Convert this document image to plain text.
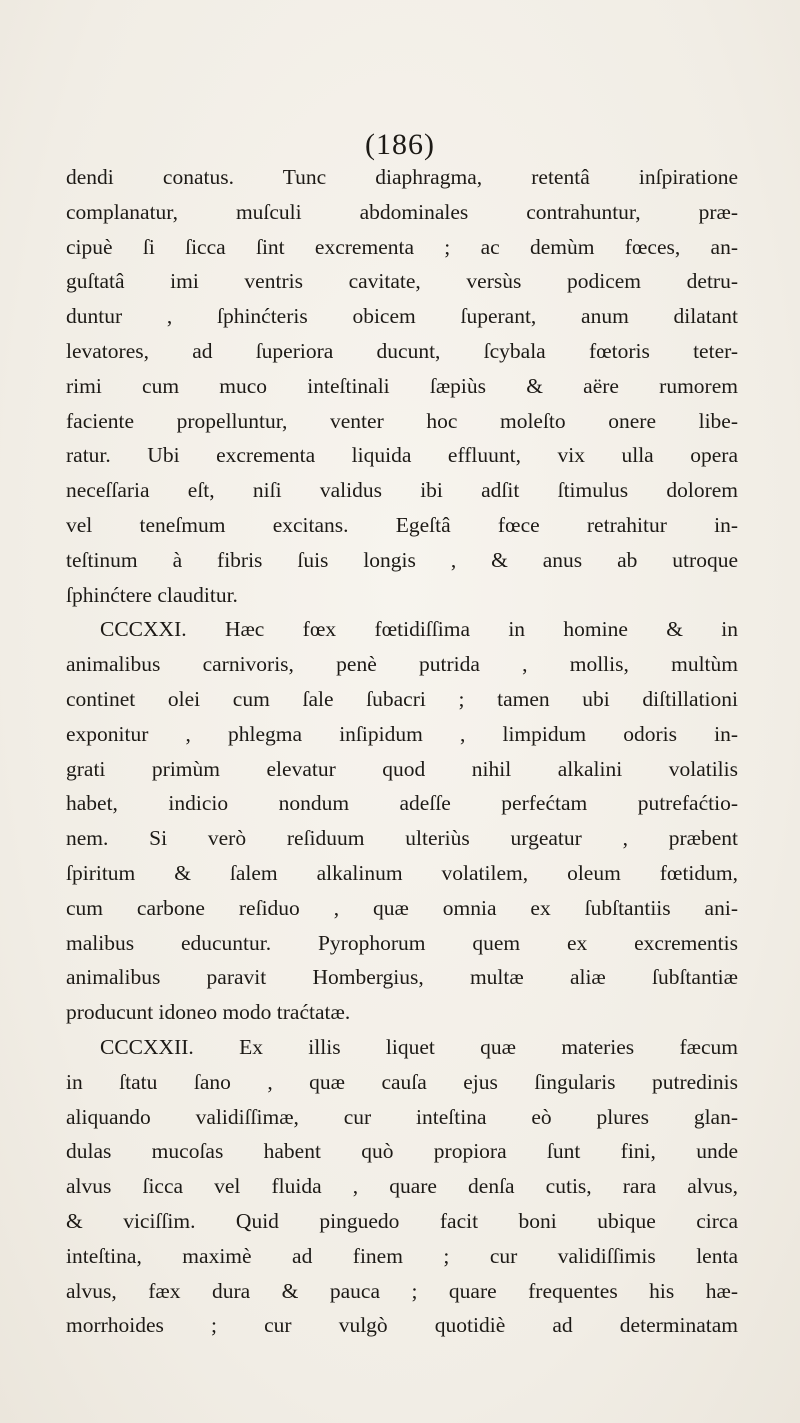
(186)
dendi conatus. Tunc diaphragma, retentâ inſpiratione
complanatur, muſculi abdominales contrahuntur, præ-
cipuè ſi ſicca ſint excrementa ; ac demùm fœces, an-
guſtatâ imi ventris cavitate, versùs podicem detru-
duntur , ſphinćteris obicem ſuperant, anum dilatant
levatores, ad ſuperiora ducunt, ſcybala fœtoris teter-
rimi cum muco inteſtinali ſæpiùs & aëre rumorem
faciente propelluntur, venter hoc moleſto onere libe-
ratur. Ubi excrementa liquida effluunt, vix ulla opera
neceſſaria eſt, niſi validus ibi adſit ſtimulus dolorem
vel teneſmum excitans. Egeſtâ fœce retrahitur in-
teſtinum à fibris ſuis longis , & anus ab utroque
ſphinćtere clauditur.
CCCXXI. Hæc fœx fœtidiſſima in homine & in
animalibus carnivoris, penè putrida , mollis, multùm
continet olei cum ſale ſubacri ; tamen ubi diſtillationi
exponitur , phlegma inſipidum , limpidum odoris in-
grati primùm elevatur quod nihil alkalini volatilis
habet, indicio nondum adeſſe perfećtam putrefaćtio-
nem. Si verò reſiduum ulteriùs urgeatur , præbent
ſpiritum & ſalem alkalinum volatilem, oleum fœtidum,
cum carbone reſiduo , quæ omnia ex ſubſtantiis ani-
malibus educuntur. Pyrophorum quem ex excrementis
animalibus paravit Hombergius, multæ aliæ ſubſtantiæ
producunt idoneo modo traćtatæ.
CCCXXII. Ex illis liquet quæ materies fæcum
in ſtatu ſano , quæ cauſa ejus ſingularis putredinis
aliquando validiſſimæ, cur inteſtina eò plures glan-
dulas mucoſas habent quò propiora ſunt fini, unde
alvus ſicca vel fluida , quare denſa cutis, rara alvus,
& viciſſim. Quid pinguedo facit boni ubique circa
inteſtina, maximè ad finem ; cur validiſſimis lenta
alvus, fæx dura & pauca ; quare frequentes his hæ-
morrhoides ; cur vulgò quotidiè ad determinatam
